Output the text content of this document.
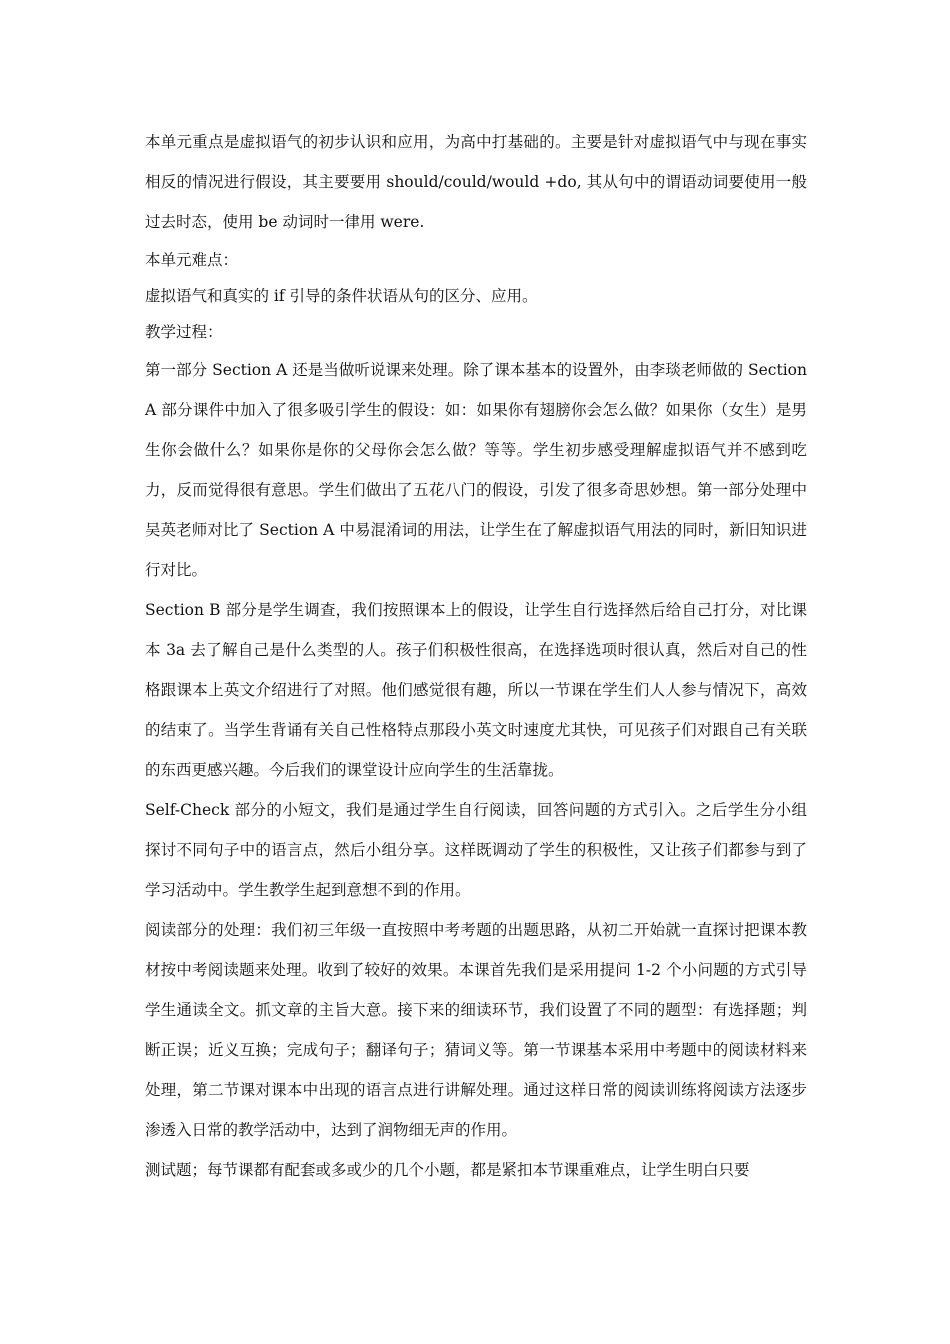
本单元重点是虚拟语气的初步认识和应用，为高中打基础的。主要是针对虚拟语气中与现在事实相反的情况进行假设，其主要要用 should/could/would +do, 其从句中的谓语动词要使用一般过去时态，使用 be 动词时一律用 were.

本单元难点：

虚拟语气和真实的 if 引导的条件状语从句的区分、应用。

教学过程：

第一部分 Section A 还是当做听说课来处理。除了课本基本的设置外，由李琰老师做的 Section A 部分课件中加入了很多吸引学生的假设：如：如果你有翅膀你会怎么做？如果你（女生）是男生你会做什么？如果你是你的父母你会怎么做？等等。学生初步感受理解虚拟语气并不感到吃力，反而觉得很有意思。学生们做出了五花八门的假设，引发了很多奇思妙想。第一部分处理中吴英老师对比了 Section A 中易混淆词的用法，让学生在了解虚拟语气用法的同时，新旧知识进行对比。

Section B 部分是学生调查，我们按照课本上的假设，让学生自行选择然后给自己打分，对比课本 3a 去了解自己是什么类型的人。孩子们积极性很高，在选择选项时很认真，然后对自己的性格跟课本上英文介绍进行了对照。他们感觉很有趣，所以一节课在学生们人人参与情况下，高效的结束了。当学生背诵有关自己性格特点那段小英文时速度尤其快，可见孩子们对跟自己有关联的东西更感兴趣。今后我们的课堂设计应向学生的生活靠拢。

Self-Check 部分的小短文，我们是通过学生自行阅读，回答问题的方式引入。之后学生分小组探讨不同句子中的语言点，然后小组分享。这样既调动了学生的积极性，又让孩子们都参与到了学习活动中。学生教学生起到意想不到的作用。

阅读部分的处理：我们初三年级一直按照中考考题的出题思路，从初二开始就一直探讨把课本教材按中考阅读题来处理。收到了较好的效果。本课首先我们是采用提问 1-2 个小问题的方式引导学生通读全文。抓文章的主旨大意。接下来的细读环节，我们设置了不同的题型：有选择题；判断正误；近义互换；完成句子；翻译句子；猜词义等。第一节课基本采用中考题中的阅读材料来处理，第二节课对课本中出现的语言点进行讲解处理。通过这样日常的阅读训练将阅读方法逐步渗透入日常的教学活动中，达到了润物细无声的作用。

测试题；每节课都有配套或多或少的几个小题，都是紧扣本节课重难点，让学生明白只要
